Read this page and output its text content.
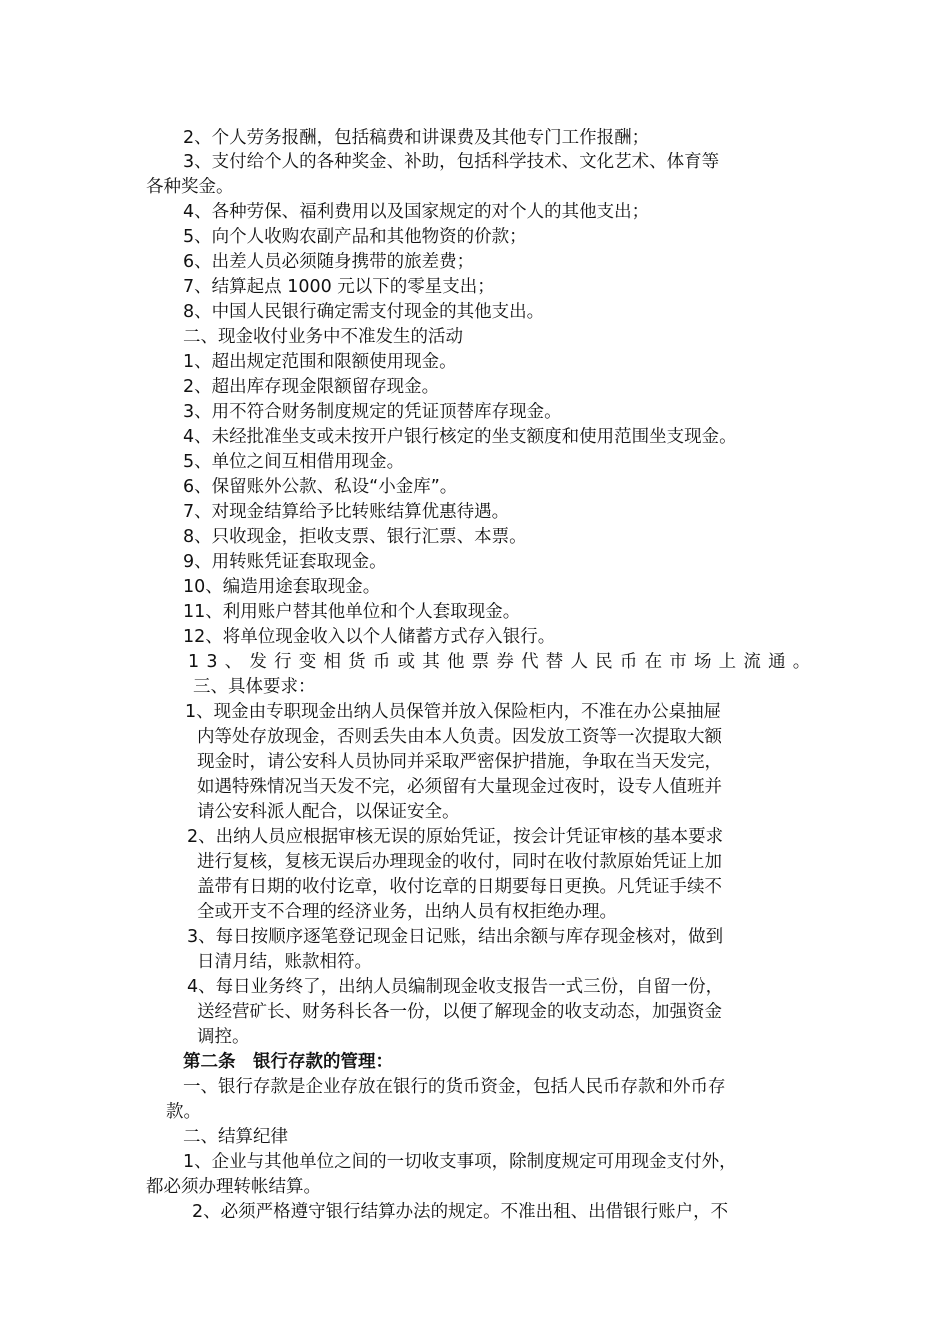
2、个人劳务报酬，包括稿费和讲课费及其他专门工作报酬；
3、支付给个人的各种奖金、补助，包括科学技术、文化艺术、体育等
各种奖金。
4、各种劳保、福利费用以及国家规定的对个人的其他支出；
5、向个人收购农副产品和其他物资的价款；
6、出差人员必须随身携带的旅差费；
7、结算起点 1000 元以下的零星支出；
8、中国人民银行确定需支付现金的其他支出。
二、现金收付业务中不准发生的活动
1、超出规定范围和限额使用现金。
2、超出库存现金限额留存现金。
3、用不符合财务制度规定的凭证顶替库存现金。
4、未经批准坐支或未按开户银行核定的坐支额度和使用范围坐支现金。
5、单位之间互相借用现金。
6、保留账外公款、私设“小金库”。
7、对现金结算给予比转账结算优惠待遇。
8、只收现金，拒收支票、银行汇票、本票。
9、用转账凭证套取现金。
10、编造用途套取现金。
11、利用账户替其他单位和个人套取现金。
12、将单位现金收入以个人储蓄方式存入银行。
13、发行变相货币或其他票券代替人民币在市场上流通。
三、具体要求：
1、现金由专职现金出纳人员保管并放入保险柜内，不准在办公桌抽屉
内等处存放现金，否则丢失由本人负责。因发放工资等一次提取大额
现金时，请公安科人员协同并采取严密保护措施，争取在当天发完，
如遇特殊情况当天发不完，必须留有大量现金过夜时，设专人值班并
请公安科派人配合，以保证安全。
2、出纳人员应根据审核无误的原始凭证，按会计凭证审核的基本要求
进行复核，复核无误后办理现金的收付，同时在收付款原始凭证上加
盖带有日期的收付讫章，收付讫章的日期要每日更换。凡凭证手续不
全或开支不合理的经济业务，出纳人员有权拒绝办理。
3、每日按顺序逐笔登记现金日记账，结出余额与库存现金核对，做到
日清月结，账款相符。
4、每日业务终了，出纳人员编制现金收支报告一式三份，自留一份，
送经营矿长、财务科长各一份，以便了解现金的收支动态，加强资金
调控。
第二条　银行存款的管理：
一、银行存款是企业存放在银行的货币资金，包括人民币存款和外币存
款。
二、结算纪律
1、企业与其他单位之间的一切收支事项，除制度规定可用现金支付外，
都必须办理转帐结算。
2、必须严格遵守银行结算办法的规定。不准出租、出借银行账户，不
